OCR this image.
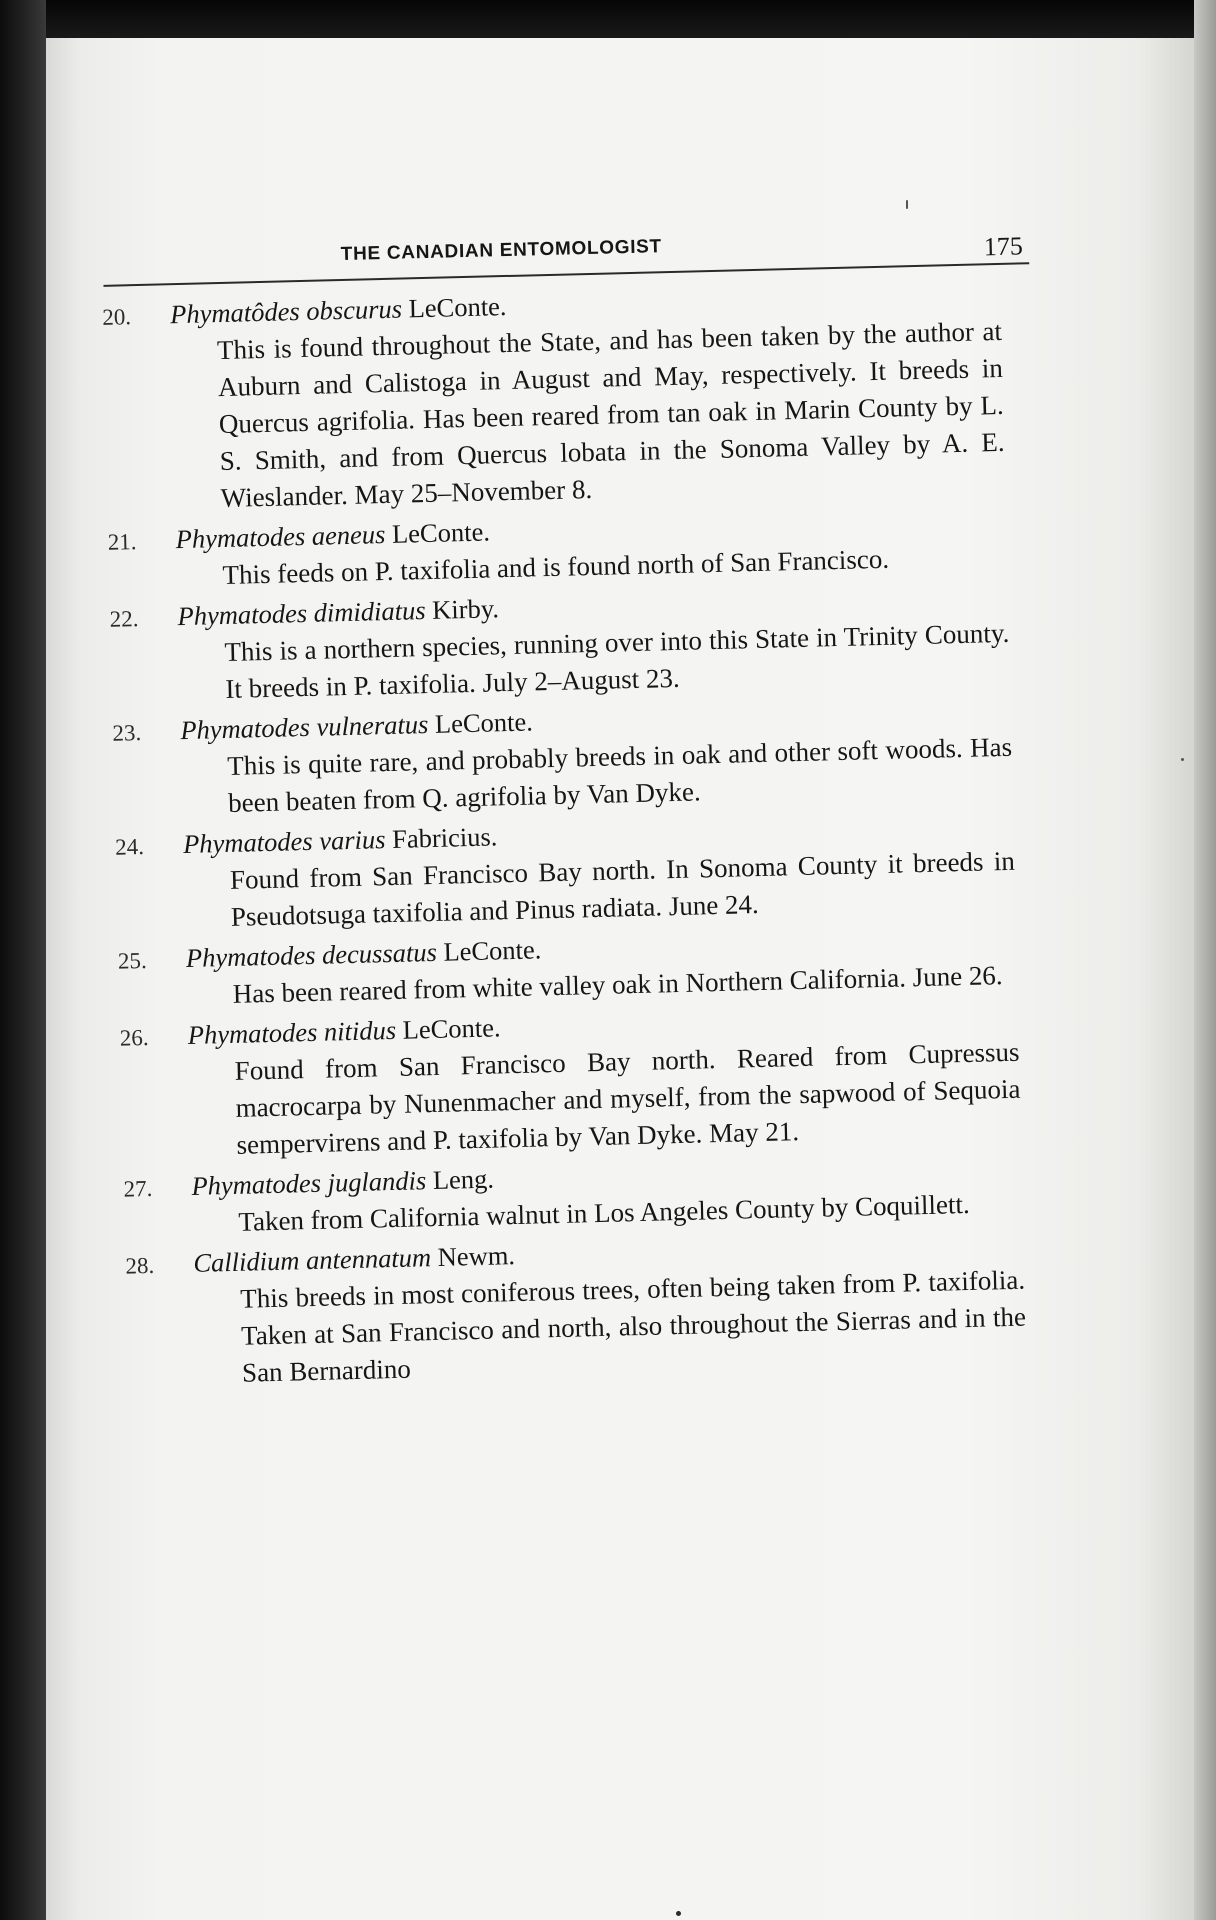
THE CANADIAN ENTOMOLOGIST	175
20. Phymatôdes obscurus LeConte.
This is found throughout the State, and has been taken by the author at Auburn and Calistoga in August and May, respectively. It breeds in Quercus agrifolia. Has been reared from tan oak in Marin County by L. S. Smith, and from Quercus lobata in the Sonoma Valley by A. E. Wieslander. May 25–November 8.
21. Phymatodes aeneus LeConte.
This feeds on P. taxifolia and is found north of San Francisco.
22. Phymatodes dimidiatus Kirby.
This is a northern species, running over into this State in Trinity County. It breeds in P. taxifolia. July 2–August 23.
23. Phymatodes vulneratus LeConte.
This is quite rare, and probably breeds in oak and other soft woods. Has been beaten from Q. agrifolia by Van Dyke.
24. Phymatodes varius Fabricius.
Found from San Francisco Bay north. In Sonoma County it breeds in Pseudotsuga taxifolia and Pinus radiata. June 24.
25. Phymatodes decussatus LeConte.
Has been reared from white valley oak in Northern California. June 26.
26. Phymatodes nitidus LeConte.
Found from San Francisco Bay north. Reared from Cupressus macrocarpa by Nunenmacher and myself, from the sapwood of Sequoia sempervirens and P. taxifolia by Van Dyke. May 21.
27. Phymatodes juglandis Leng.
Taken from California walnut in Los Angeles County by Coquillett.
28. Callidium antennatum Newm.
This breeds in most coniferous trees, often being taken from P. taxifolia. Taken at San Francisco and north, also throughout the Sierras and in the San Bernardino
